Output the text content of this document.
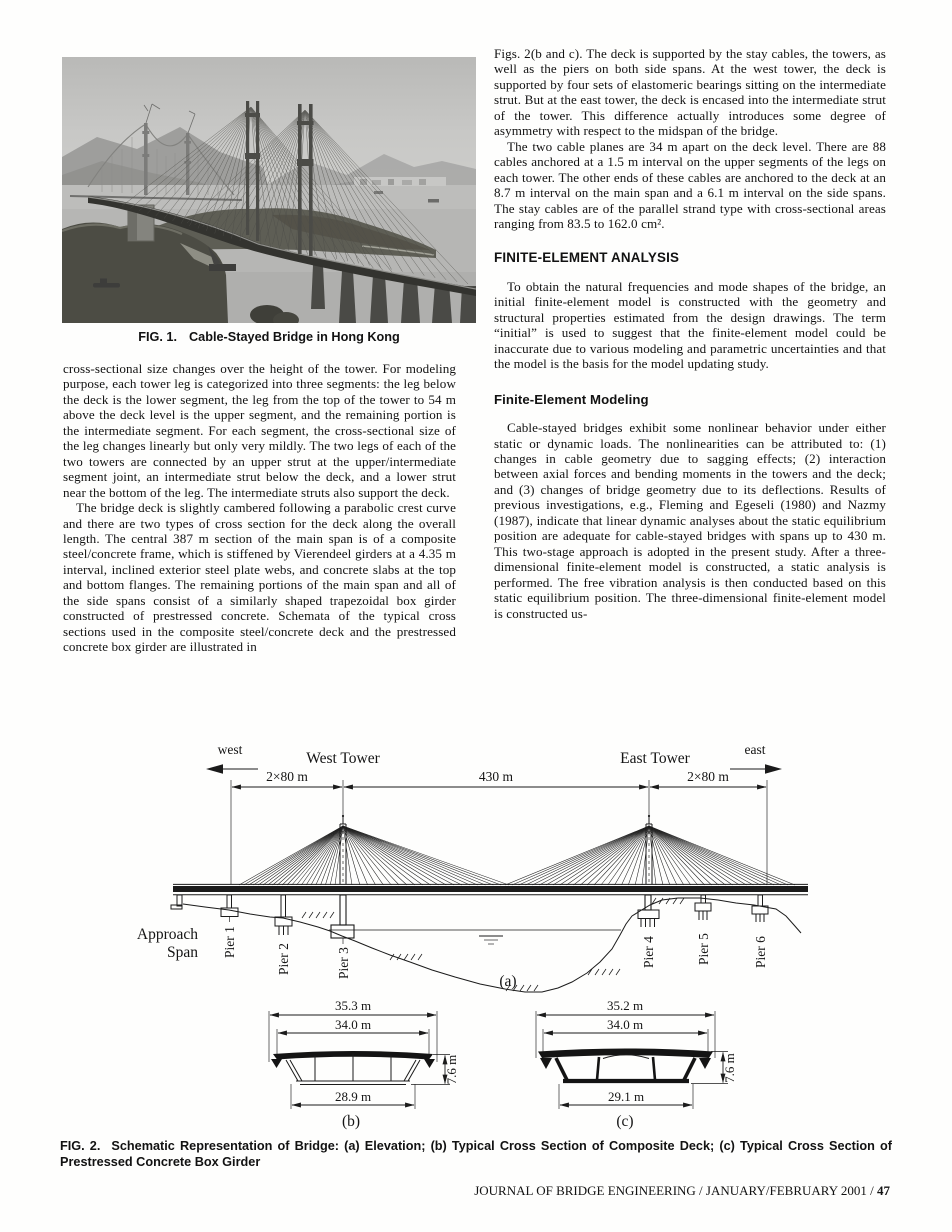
FIG. 1. Cable-Stayed Bridge in Hong Kong

cross-sectional size changes over the height of the tower. For modeling purpose, each tower leg is categorized into three segments: the leg below the deck is the lower segment, the leg from the top of the tower to 54 m above the deck level is the upper segment, and the remaining portion is the intermediate segment. For each segment, the cross-sectional size of the leg changes linearly but only very mildly. The two legs of each of the two towers are connected by an upper strut at the upper/intermediate segment joint, an intermediate strut below the deck, and a lower strut near the bottom of the leg. The intermediate struts also support the deck.

The bridge deck is slightly cambered following a parabolic crest curve and there are two types of cross section for the deck along the overall length. The central 387 m section of the main span is of a composite steel/concrete frame, which is stiffened by Vierendeel girders at a 4.35 m interval, inclined exterior steel plate webs, and concrete slabs at the top and bottom flanges. The remaining portions of the main span and all of the side spans consist of a similarly shaped trapezoidal box girder constructed of prestressed concrete. Schemata of the typical cross sections used in the composite steel/concrete deck and the prestressed concrete box girder are illustrated in

Figs. 2(b and c). The deck is supported by the stay cables, the towers, as well as the piers on both side spans. At the west tower, the deck is supported by four sets of elastomeric bearings sitting on the intermediate strut. But at the east tower, the deck is encased into the intermediate strut of the tower. This difference actually introduces some degree of asymmetry with respect to the midspan of the bridge.

The two cable planes are 34 m apart on the deck level. There are 88 cables anchored at a 1.5 m interval on the upper segments of the legs on each tower. The other ends of these cables are anchored to the deck at an 8.7 m interval on the main span and a 6.1 m interval on the side spans. The stay cables are of the parallel strand type with cross-sectional areas ranging from 83.5 to 162.0 cm².

FINITE-ELEMENT ANALYSIS

To obtain the natural frequencies and mode shapes of the bridge, an initial finite-element model is constructed with the geometry and structural properties estimated from the design drawings. The term “initial” is used to suggest that the finite-element model could be inaccurate due to various modeling and parametric uncertainties and that the model is the basis for the model updating study.

Finite-Element Modeling

Cable-stayed bridges exhibit some nonlinear behavior under either static or dynamic loads. The nonlinearities can be attributed to: (1) changes in cable geometry due to sagging effects; (2) interaction between axial forces and bending moments in the towers and the deck; and (3) changes of bridge geometry due to its deflections. Results of previous investigations, e.g., Fleming and Egeseli (1980) and Nazmy (1987), indicate that linear dynamic analyses about the static equilibrium position are adequate for cable-stayed bridges with spans up to 430 m. This two-stage approach is adopted in the present study. After a three-dimensional finite-element model is constructed, a static analysis is performed. The free vibration analysis is then conducted based on this static equilibrium position. The three-dimensional finite-element model is constructed us-

west
West Tower	East Tower
east
2×80 m	430 m	2×80 m
Pier 1
Pier 2	Pier 3	Pier 4	Pier 5	Pier 6
Approach
Span
(a)
35.3 m
34.0 m
28.9 m
7.6 m
(b)
35.2 m
34.0 m
29.1 m
7.6 m
(c)
FIG. 2. Schematic Representation of Bridge: (a) Elevation; (b) Typical Cross Section of Composite Deck; (c) Typical Cross Section of Prestressed Concrete Box Girder
JOURNAL OF BRIDGE ENGINEERING / JANUARY/FEBRUARY 2001 / 47
